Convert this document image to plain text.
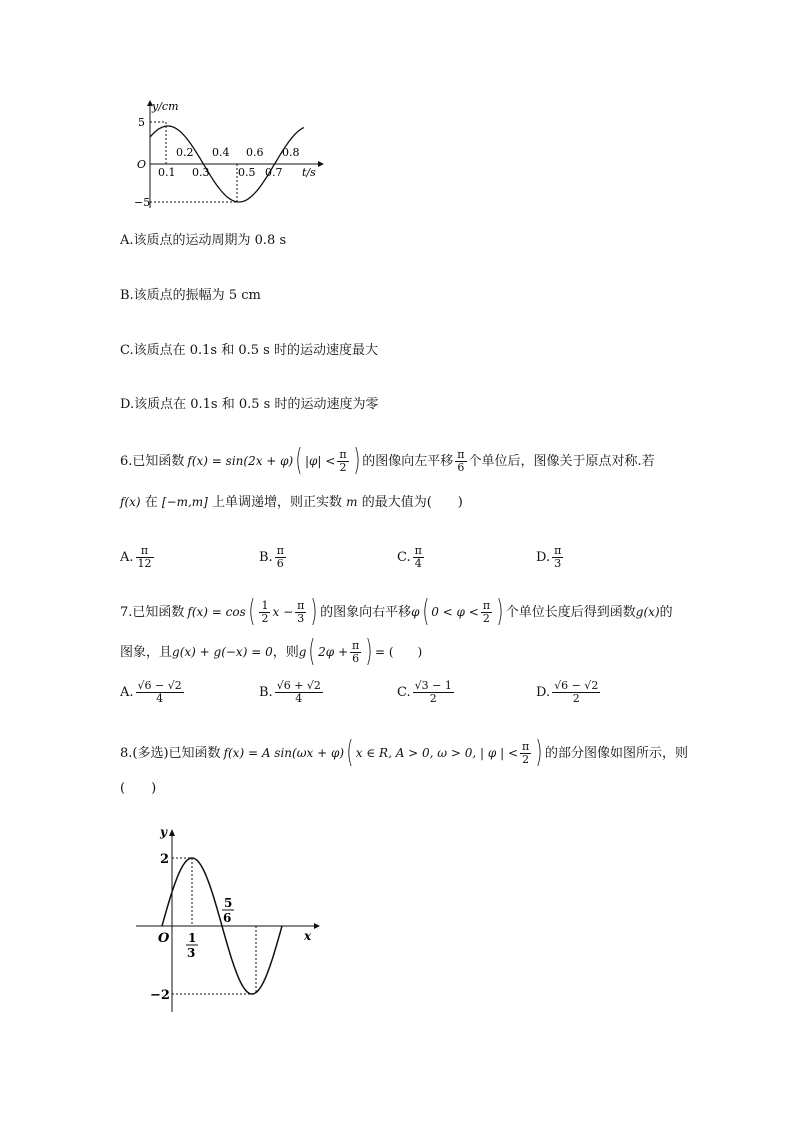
y/cm
t/s
O
5
−5
0.2 0.4 0.6 0.8
0.1 0.3	0.5 0.7
A.该质点的运动周期为 0.8 s
B.该质点的振幅为 5 cm
C.该质点在 0.1s 和 0.5 s 时的运动速度最大
D.该质点在 0.1s 和 0.5 s 时的运动速度为零
6.已知函数 f(x) = sin(2x + φ) ( $|\varphi| < \frac{\pi}{2}$ ) 的图像向左平移 $\frac{\pi}{6}$ 个单位后，图像关于原点对称.若
f(x) 在 [−m,m] 上单调递增，则正实数 m 的最大值为(　　)
A. $\frac{\pi}{12}$	B. $\frac{\pi}{6}$	C. $\frac{\pi}{4}$	D. $\frac{\pi}{3}$
7.已知函数 f(x) = cos ( $\frac{1}{2}$ $x - \frac{\pi}{3}$ ) 的图象向右平移 φ ( $0 < \varphi < \frac{\pi}{2}$ ) 个单位长度后得到函数 g(x) 的
图象，且 g(x) + g(−x) = 0 ，则 g ( $2\varphi + \frac{\pi}{6}$ ) = (　　)
A. $\frac{√6 - √2}{4}$	B. $\frac{√6 + √2}{4}$	C. $\frac{√3 - 1}{2}$	D. $\frac{√6 - √2}{2}$
8.(多选)已知函数 f(x) = A sin(ωx + φ) ( x ∈ R, A > 0, ω > 0, | φ | < $\frac{\pi}{2}$ ) 的部分图像如图所示，则
(　　)
y
x
O
2
−2
1
3
5
6
